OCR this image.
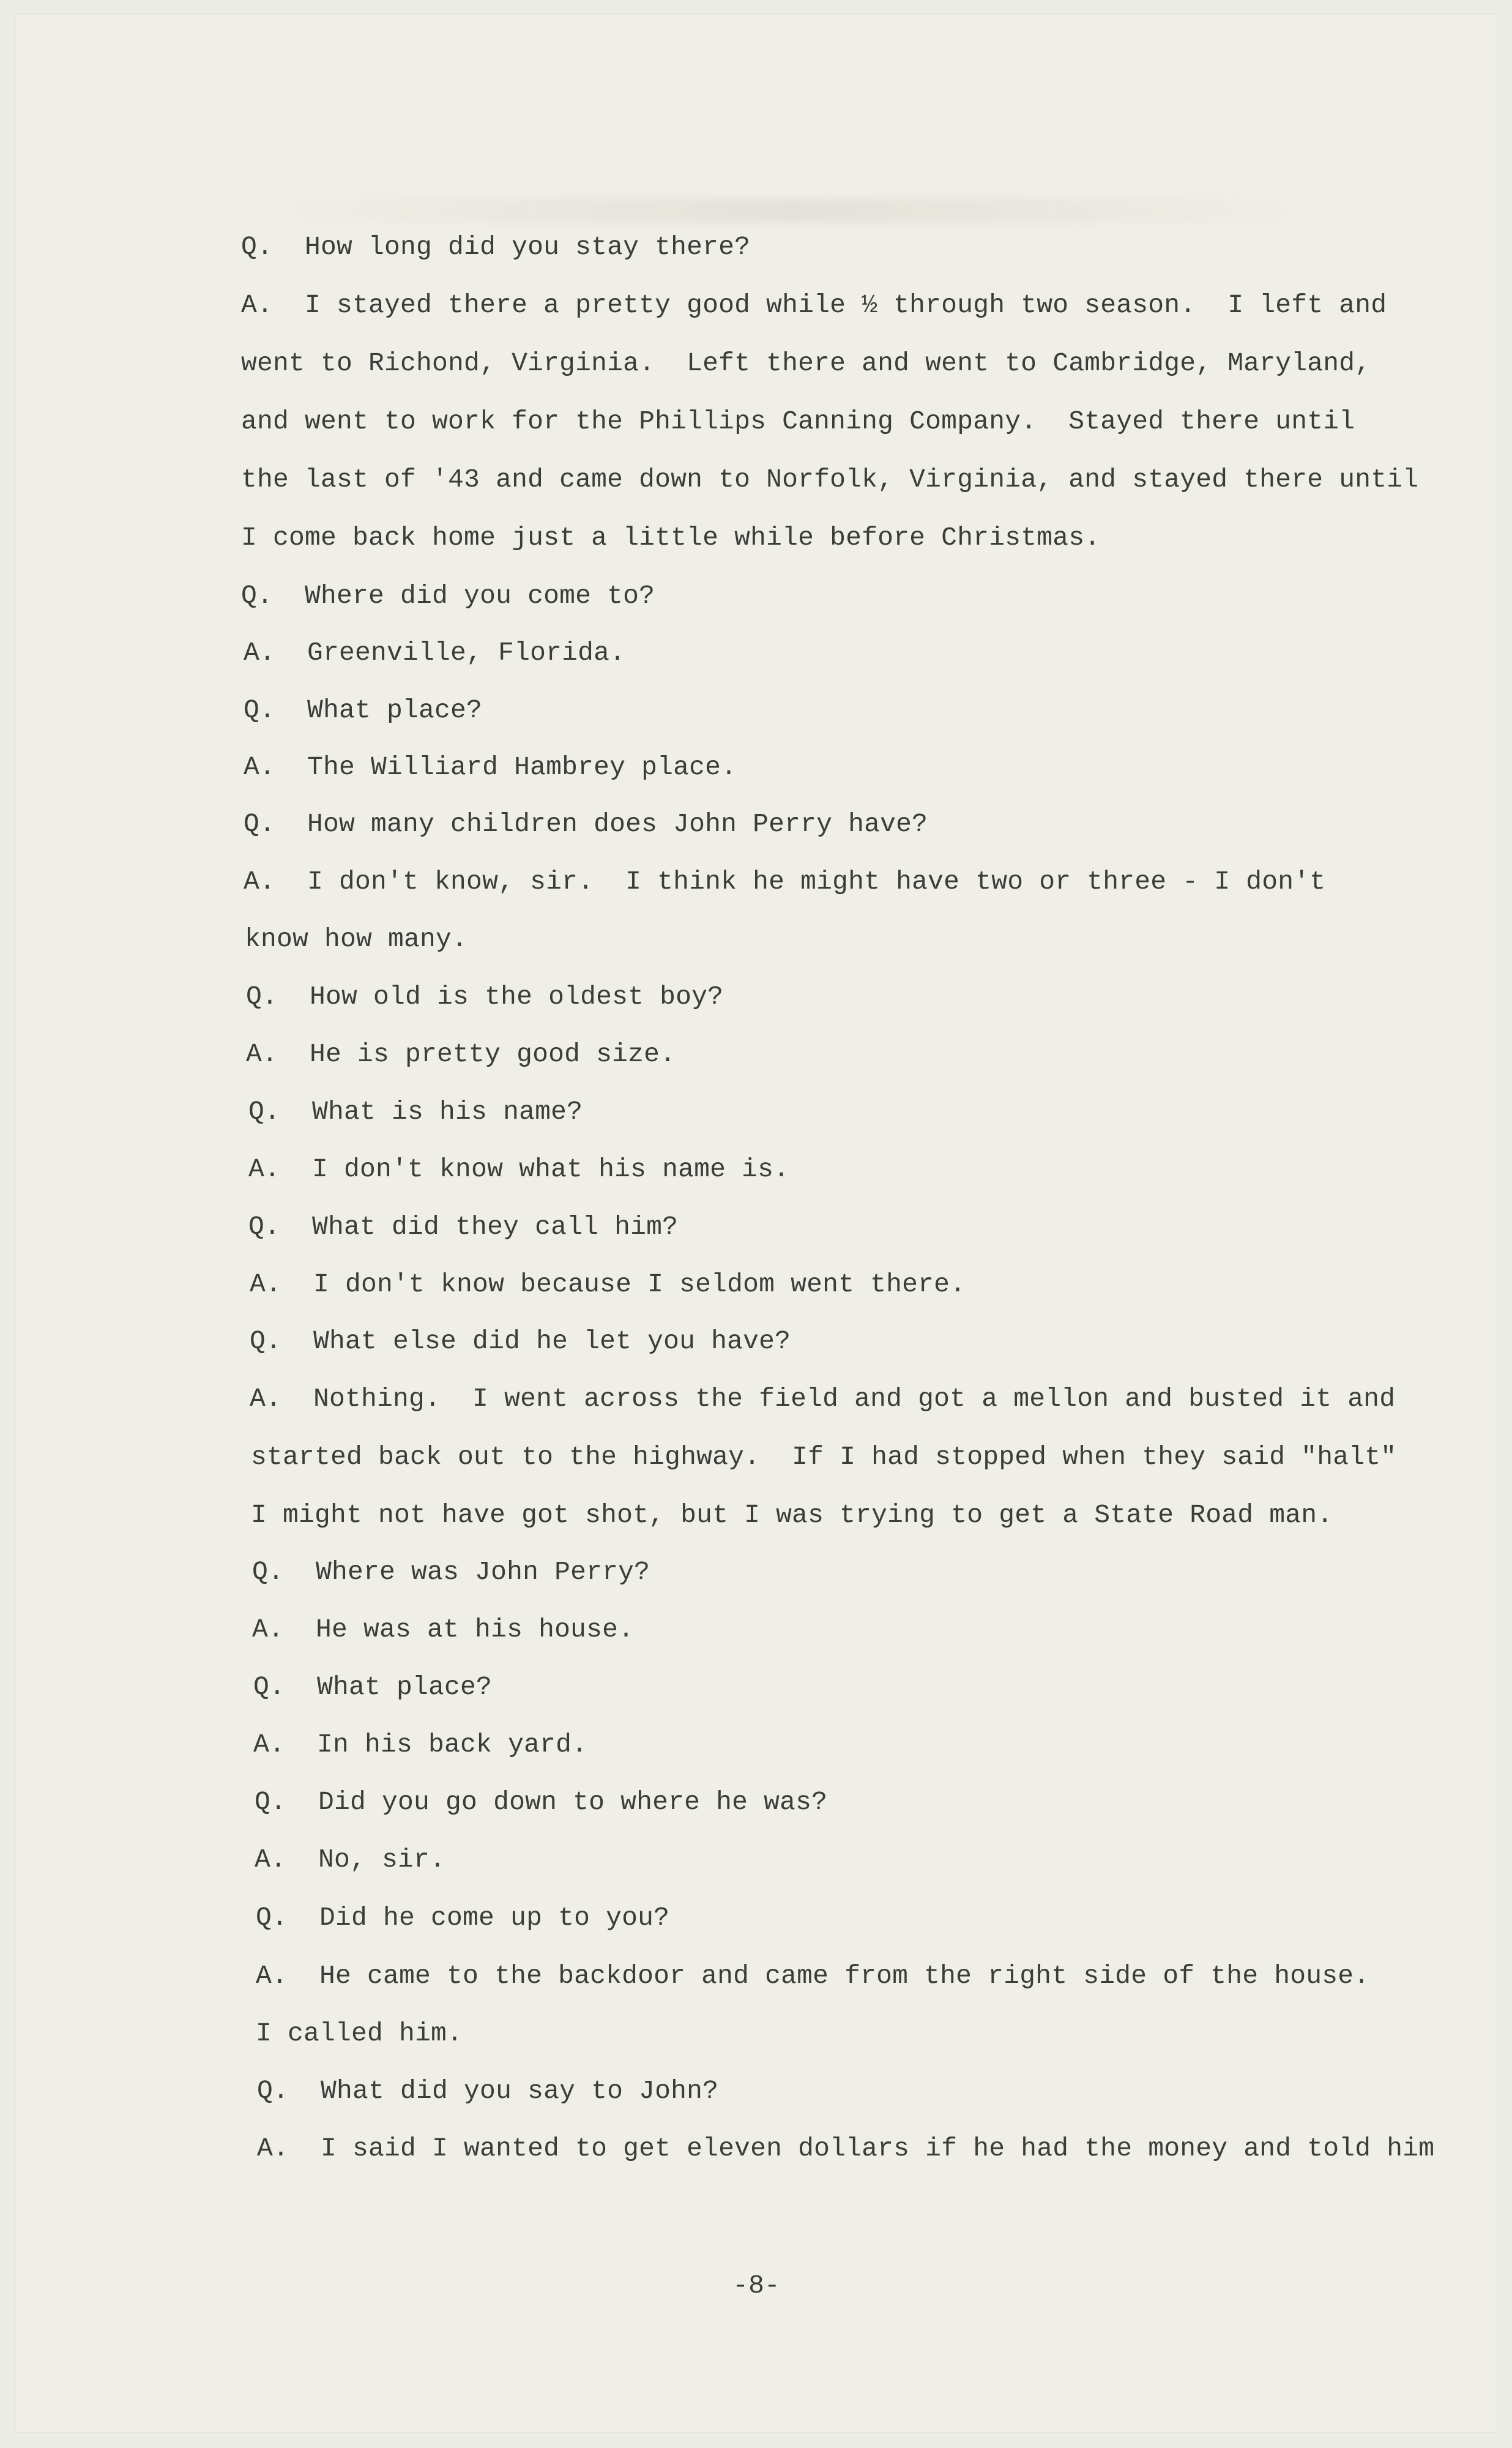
Q.  How long did you stay there?
A.  I stayed there a pretty good while ½ through two season.  I left and
went to Richond, Virginia.  Left there and went to Cambridge, Maryland,
and went to work for the Phillips Canning Company.  Stayed there until
the last of '43 and came down to Norfolk, Virginia, and stayed there until
I come back home just a little while before Christmas.
Q.  Where did you come to?
A.  Greenville, Florida.
Q.  What place?
A.  The Williard Hambrey place.
Q.  How many children does John Perry have?
A.  I don't know, sir.  I think he might have two or three - I don't
know how many.
Q.  How old is the oldest boy?
A.  He is pretty good size.
Q.  What is his name?
A.  I don't know what his name is.
Q.  What did they call him?
A.  I don't know because I seldom went there.
Q.  What else did he let you have?
A.  Nothing.  I went across the field and got a mellon and busted it and
started back out to the highway.  If I had stopped when they said "halt"
I might not have got shot, but I was trying to get a State Road man.
Q.  Where was John Perry?
A.  He was at his house.
Q.  What place?
A.  In his back yard.
Q.  Did you go down to where he was?
A.  No, sir.
Q.  Did he come up to you?
A.  He came to the backdoor and came from the right side of the house.
I called him.
Q.  What did you say to John?
A.  I said I wanted to get eleven dollars if he had the money and told him
-8-
